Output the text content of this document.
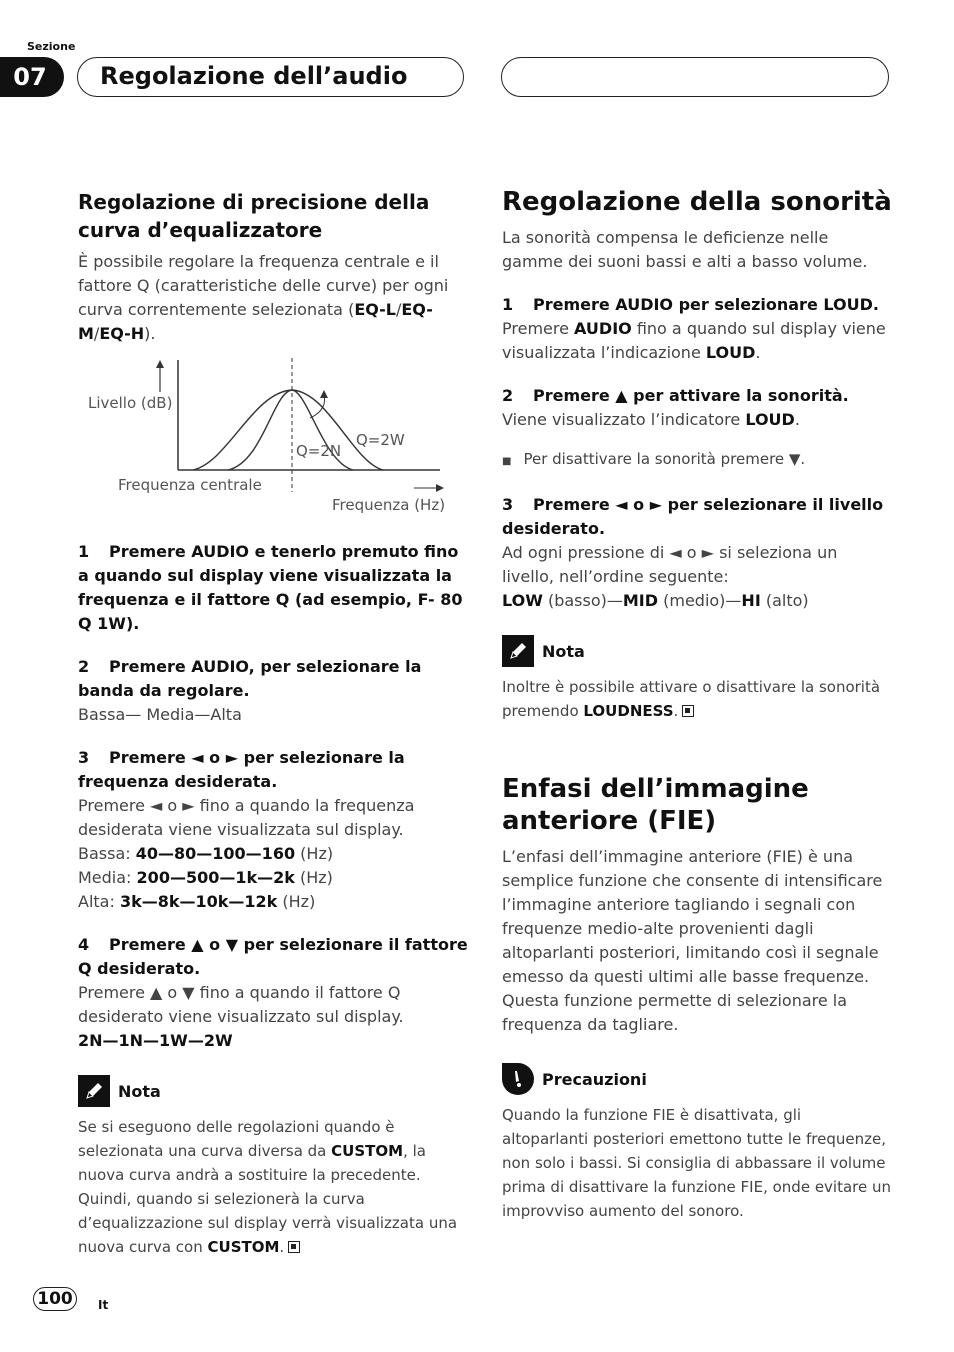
Sezione
07	Regolazione dell’audio
Regolazione di precisione della curva d’equalizzatore

È possibile regolare la frequenza centrale e il fattore Q (caratteristiche delle curve) per ogni curva correntemente selezionata (EQ-L/EQ-M/EQ-H).

Livello (dB)
Q=2N
Q=2W
Frequenza centrale
Frequenza (Hz)

1 Premere AUDIO e tenerlo premuto fino a quando sul display viene visualizzata la frequenza e il fattore Q (ad esempio, F- 80 Q 1W).

2 Premere AUDIO, per selezionare la banda da regolare.

Bassa— Media—Alta

3 Premere ◄ o ► per selezionare la frequenza desiderata.

Premere ◄ o ► fino a quando la frequenza desiderata viene visualizzata sul display.

Bassa: 40—80—100—160 (Hz)

Media: 200—500—1k—2k (Hz)

Alta: 3k—8k—10k—12k (Hz)

4 Premere ▲ o ▼ per selezionare il fattore Q desiderato.

Premere ▲ o ▼ fino a quando il fattore Q desiderato viene visualizzato sul display.

2N—1N—1W—2W

Nota

Se si eseguono delle regolazioni quando è selezionata una curva diversa da CUSTOM, la nuova curva andrà a sostituire la precedente. Quindi, quando si selezionerà la curva d’equalizzazione sul display verrà visualizzata una nuova curva con CUSTOM.

Regolazione della sonorità

La sonorità compensa le deficienze nelle gamme dei suoni bassi e alti a basso volume.

1 Premere AUDIO per selezionare LOUD.

Premere AUDIO fino a quando sul display viene visualizzata l’indicazione LOUD.

2 Premere ▲ per attivare la sonorità.

Viene visualizzato l’indicatore LOUD.

■ Per disattivare la sonorità premere ▼.

3 Premere ◄ o ► per selezionare il livello desiderato.

Ad ogni pressione di ◄ o ► si seleziona un livello, nell’ordine seguente:

LOW (basso)—MID (medio)—HI (alto)

Nota

Inoltre è possibile attivare o disattivare la sonorità premendo LOUDNESS.

Enfasi dell’immagine anteriore (FIE)

L’enfasi dell’immagine anteriore (FIE) è una semplice funzione che consente di intensificare l’immagine anteriore tagliando i segnali con frequenze medio-alte provenienti dagli altoparlanti posteriori, limitando così il segnale emesso da questi ultimi alle basse frequenze. Questa funzione permette di selezionare la frequenza da tagliare.

Precauzioni

Quando la funzione FIE è disattivata, gli altoparlanti posteriori emettono tutte le frequenze, non solo i bassi. Si consiglia di abbassare il volume prima di disattivare la funzione FIE, onde evitare un improvviso aumento del sonoro.

100	It
